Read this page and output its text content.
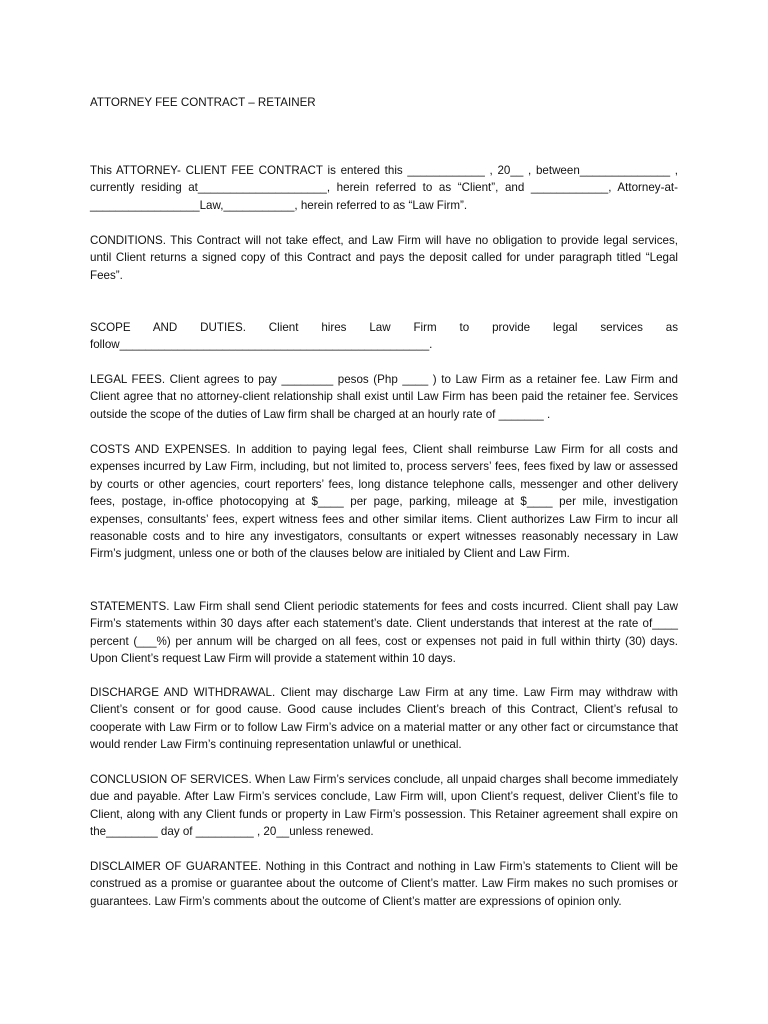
ATTORNEY FEE CONTRACT – RETAINER

This ATTORNEY- CLIENT FEE CONTRACT is entered this ____________ , 20__ , between______________ , currently residing at____________________, herein referred to as “Client”, and ____________, Attorney-at-_________________Law,___________, herein referred to as “Law Firm”.

CONDITIONS. This Contract will not take effect, and Law Firm will have no obligation to provide legal services, until Client returns a signed copy of this Contract and pays the deposit called for under paragraph titled “Legal Fees”.

SCOPE AND DUTIES. Client hires Law Firm to provide legal services as
follow________________________________________________.

LEGAL FEES. Client agrees to pay ________ pesos (Php ____ ) to Law Firm as a retainer fee. Law Firm and Client agree that no attorney-client relationship shall exist until Law Firm has been paid the retainer fee. Services outside the scope of the duties of Law firm shall be charged at an hourly rate of _______ .

COSTS AND EXPENSES. In addition to paying legal fees, Client shall reimburse Law Firm for all costs and expenses incurred by Law Firm, including, but not limited to, process servers’ fees, fees fixed by law or assessed by courts or other agencies, court reporters’ fees, long distance telephone calls, messenger and other delivery fees, postage, in-office photocopying at $____ per page, parking, mileage at $____ per mile, investigation expenses, consultants’ fees, expert witness fees and other similar items. Client authorizes Law Firm to incur all reasonable costs and to hire any investigators, consultants or expert witnesses reasonably necessary in Law Firm’s judgment, unless one or both of the clauses below are initialed by Client and Law Firm.

STATEMENTS. Law Firm shall send Client periodic statements for fees and costs incurred. Client shall pay Law Firm’s statements within 30 days after each statement’s date. Client understands that interest at the rate of____ percent (___%) per annum will be charged on all fees, cost or expenses not paid in full within thirty (30) days. Upon Client’s request Law Firm will provide a statement within 10 days.

DISCHARGE AND WITHDRAWAL. Client may discharge Law Firm at any time. Law Firm may withdraw with Client’s consent or for good cause. Good cause includes Client’s breach of this Contract, Client’s refusal to cooperate with Law Firm or to follow Law Firm’s advice on a material matter or any other fact or circumstance that would render Law Firm’s continuing representation unlawful or unethical.

CONCLUSION OF SERVICES. When Law Firm’s services conclude, all unpaid charges shall become immediately due and payable. After Law Firm’s services conclude, Law Firm will, upon Client’s request, deliver Client’s file to Client, along with any Client funds or property in Law Firm’s possession. This Retainer agreement shall expire on the________ day of _________ , 20__unless renewed.

DISCLAIMER OF GUARANTEE. Nothing in this Contract and nothing in Law Firm’s statements to Client will be construed as a promise or guarantee about the outcome of Client’s matter. Law Firm makes no such promises or guarantees. Law Firm’s comments about the outcome of Client’s matter are expressions of opinion only.
